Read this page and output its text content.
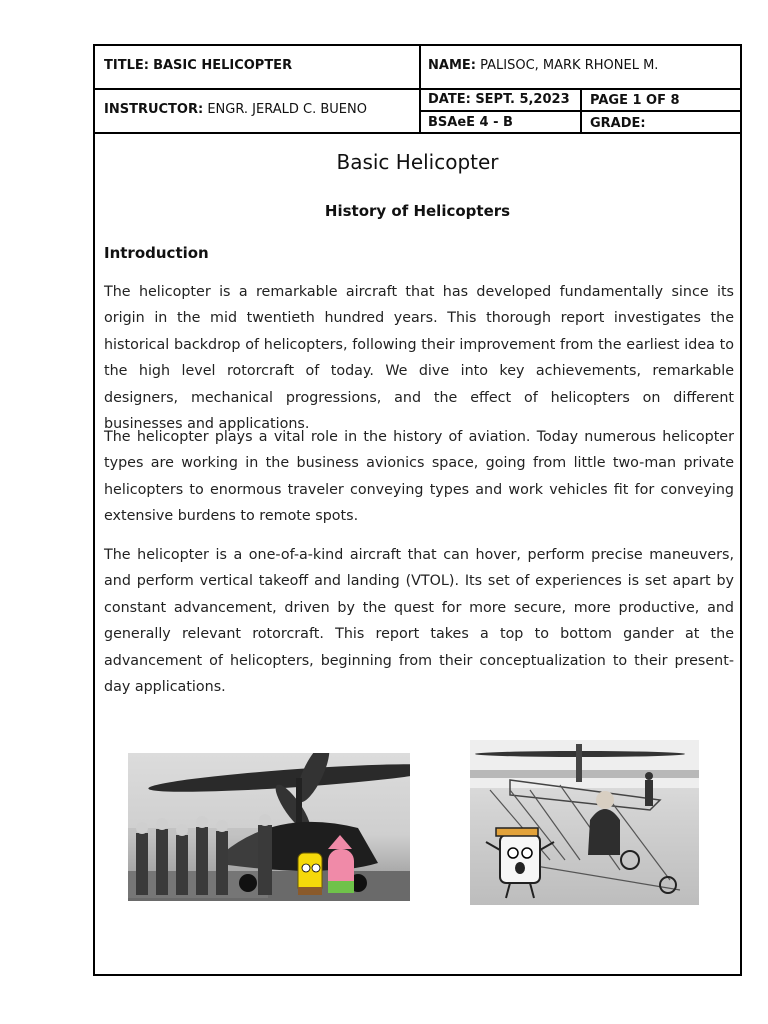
TITLE: BASIC HELICOPTER	NAME: PALISOC, MARK RHONEL M.
INSTRUCTOR: ENGR. JERALD C. BUENO
DATE: SEPT. 5,2023 PAGE 1 OF 8
BSAeE 4 - B	GRADE:
Basic Helicopter
History of Helicopters
Introduction
The helicopter is a remarkable aircraft that has developed fundamentally since its origin in the mid twentieth hundred years. This thorough report investigates the historical backdrop of helicopters, following their improvement from the earliest idea to the high level rotorcraft of today. We dive into key achievements, remarkable designers, mechanical progressions, and the effect of helicopters on different businesses and applications.
The helicopter plays a vital role in the history of aviation. Today numerous helicopter types are working in the business avionics space, going from little two-man private helicopters to enormous traveler conveying types and work vehicles fit for conveying extensive burdens to remote spots.
The helicopter is a one-of-a-kind aircraft that can hover, perform precise maneuvers, and perform vertical takeoff and landing (VTOL). Its set of experiences is set apart by constant advancement, driven by the quest for more secure, more productive, and generally relevant rotorcraft. This report takes a top to bottom gander at the advancement of helicopters, beginning from their conceptualization to their present-day applications.
